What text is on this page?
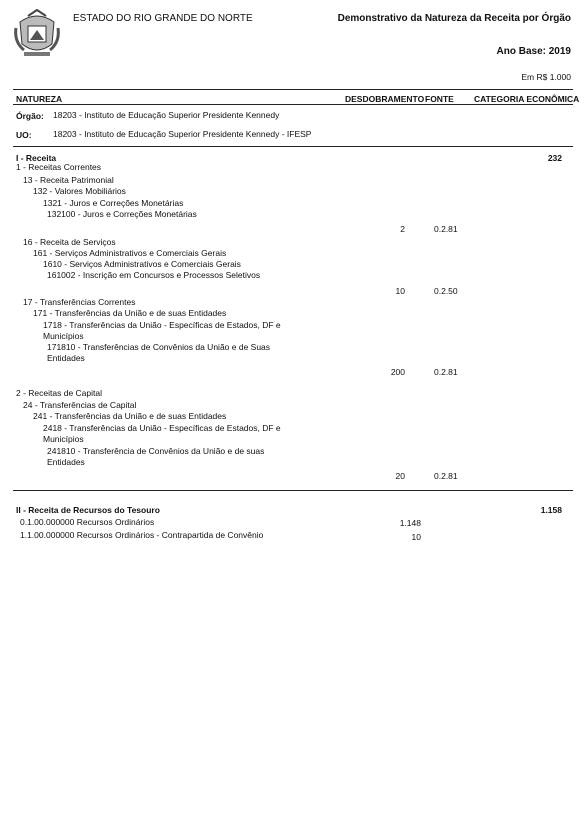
ESTADO DO RIO GRANDE DO NORTE	Demonstrativo da Natureza da Receita por Órgão
Ano Base: 2019
Em R$ 1.000
NATUREZA	DESDOBRAMENTO FONTE CATEGORIA ECONÔMICA
Órgão: 18203 - Instituto de Educação Superior Presidente Kennedy
UO:	18203 - Instituto de Educação Superior Presidente Kennedy - IFESP
I - Receita	232
1 - Receitas Correntes
13 - Receita Patrimonial
132 - Valores Mobiliários
1321 - Juros e Correções Monetárias
132100 - Juros e Correções Monetárias
2	0.2.81
16 - Receita de Serviços
161 - Serviços Administrativos e Comerciais Gerais
1610 - Serviços Administrativos e Comerciais Gerais
161002 - Inscrição em Concursos e Processos Seletivos
10	0.2.50
17 - Transferências Correntes
171 - Transferências da União e de suas Entidades
1718 - Transferências da União - Específicas de Estados, DF e
Municípios
171810 - Transferências de Convênios da União e de Suas
Entidades
200	0.2.81
2 - Receitas de Capital
24 - Transferências de Capital
241 - Transferências da União e de suas Entidades
2418 - Transferências da União - Específicas de Estados, DF e
Municípios
241810 - Transferência de Convênios da União e de suas
Entidades
20	0.2.81
II - Receita de Recursos do Tesouro	1.158
0.1.00.000000 Recursos Ordinários	1.148
1.1.00.000000 Recursos Ordinários - Contrapartida de Convênio	10
